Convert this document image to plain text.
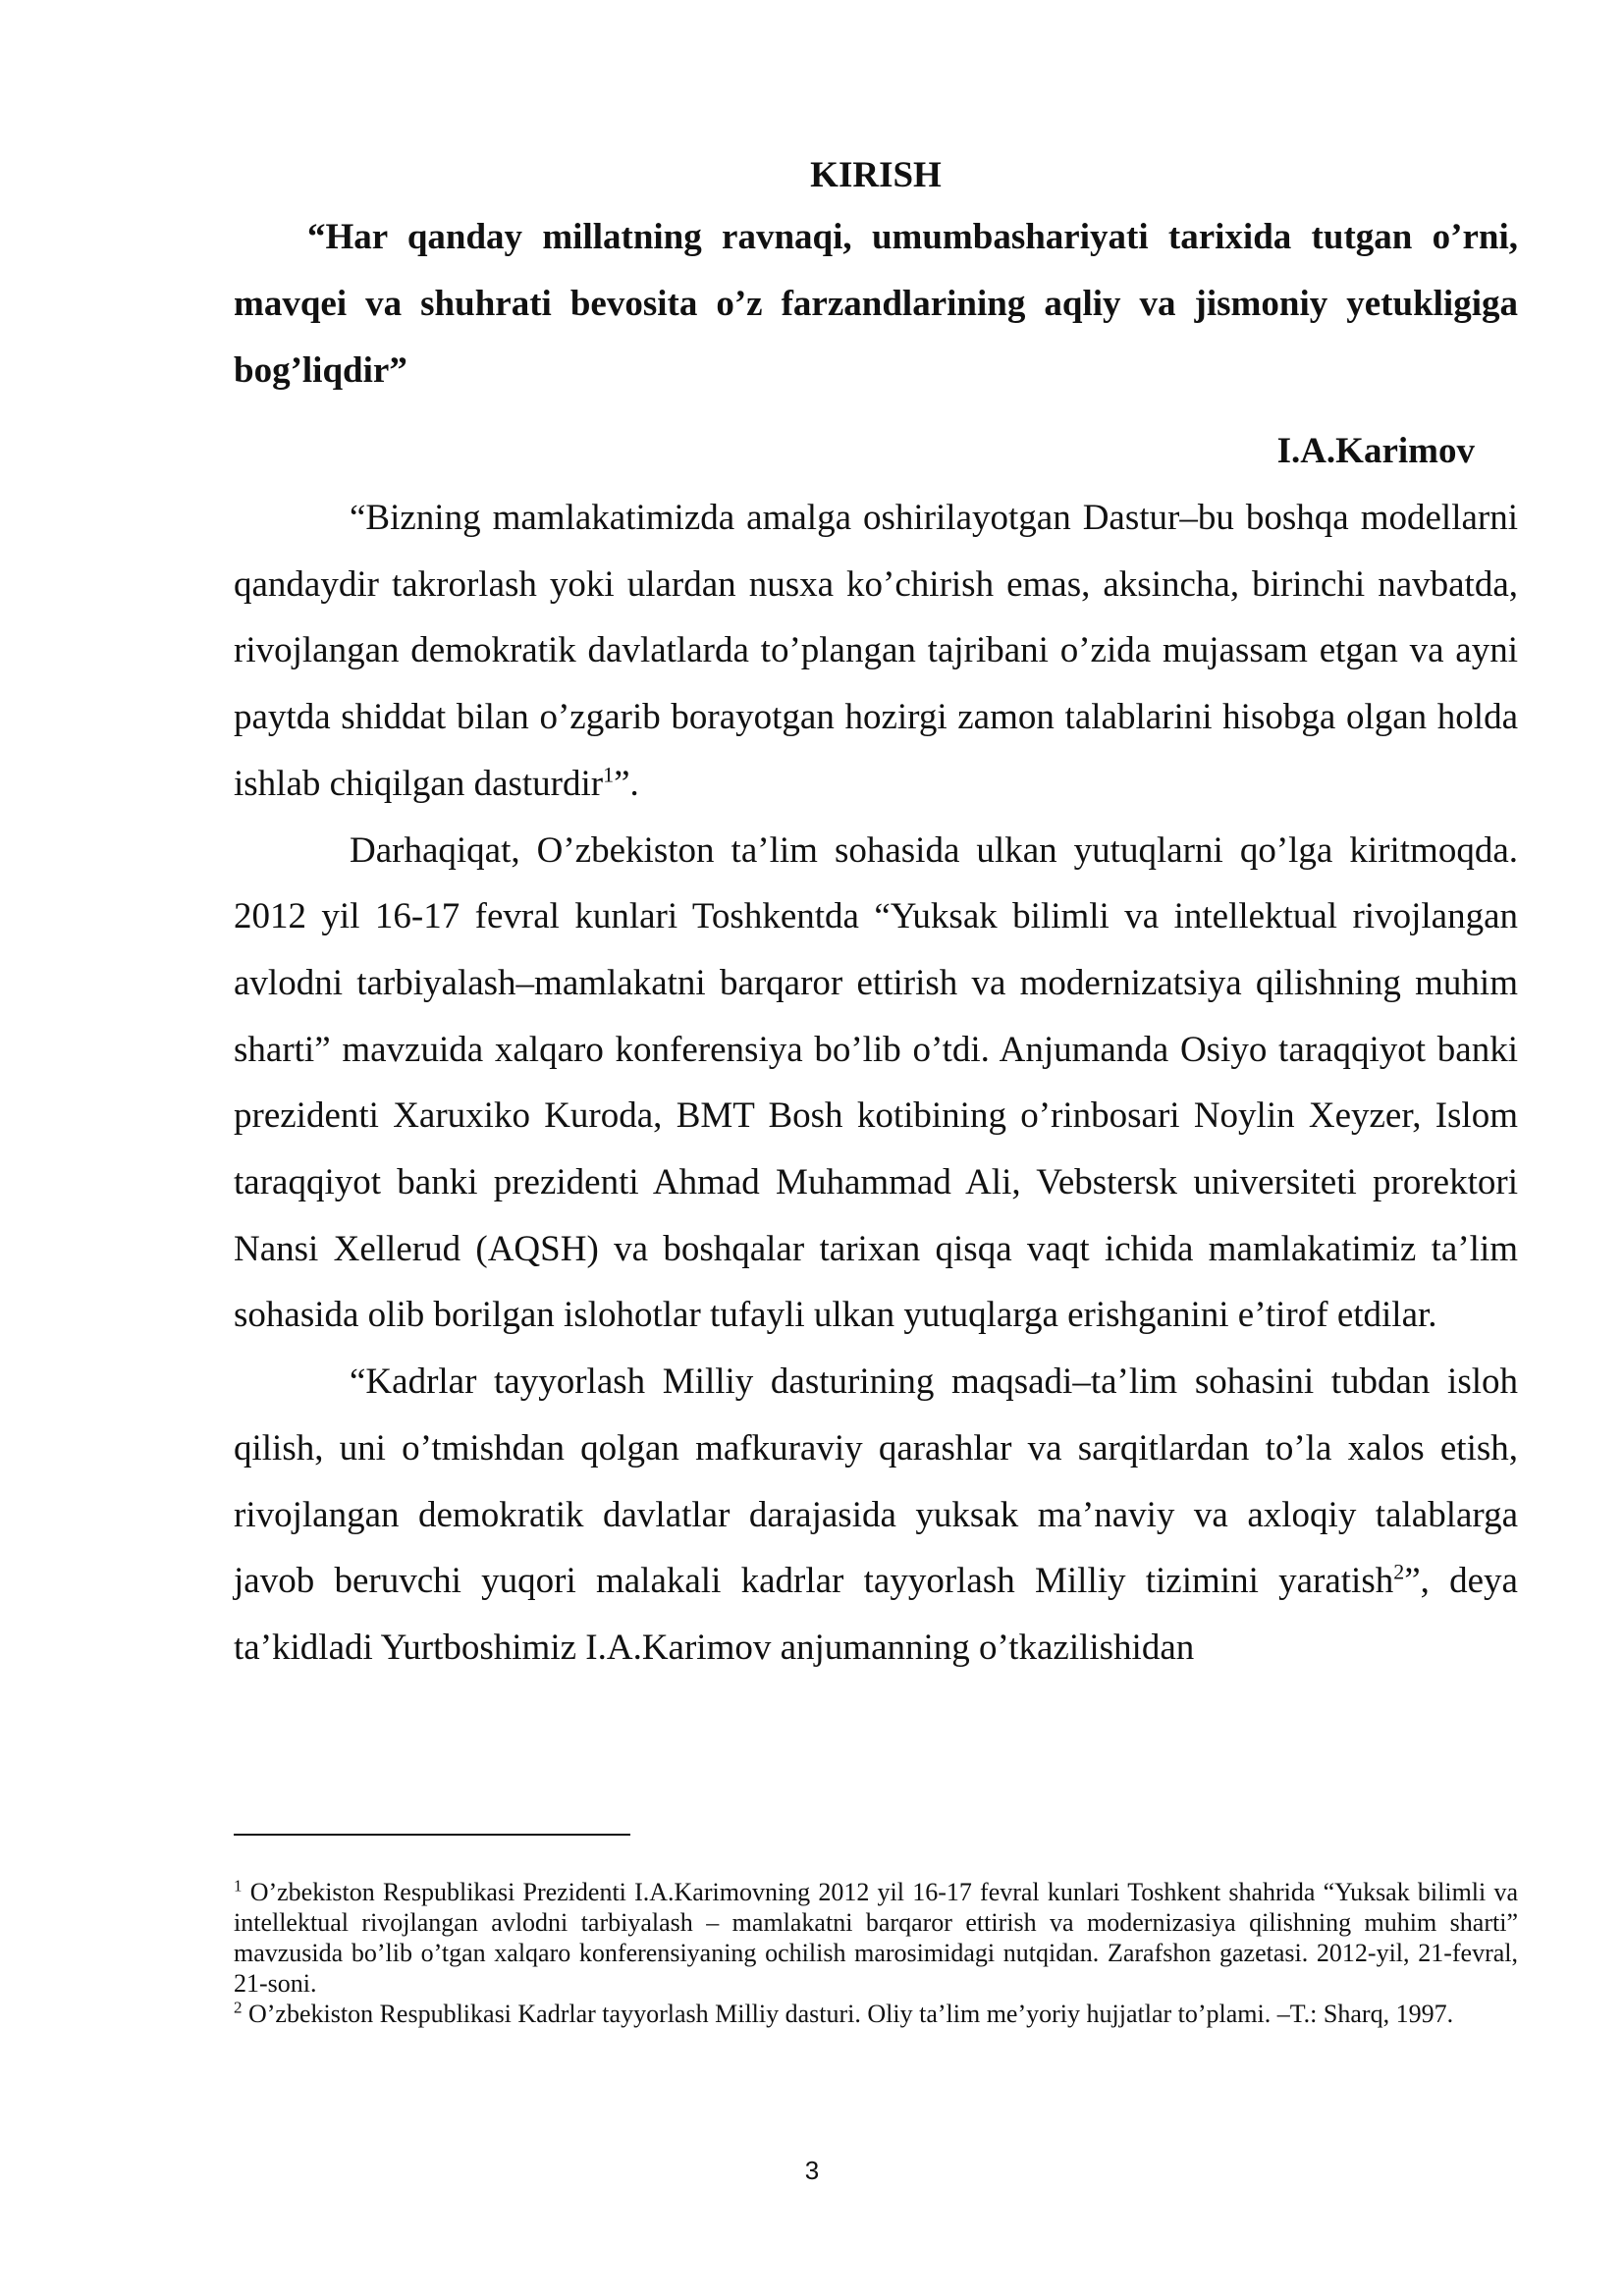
KIRISH

“Har qanday millatning ravnaqi, umumbashariyati tarixida tutgan o’rni, mavqei va shuhrati bevosita o’z farzandlarining aqliy va jismoniy yetukligiga bog’liqdir”

I.A.Karimov

“Bizning mamlakatimizda amalga oshirilayotgan Dastur–bu boshqa modellarni qandaydir takrorlash yoki ulardan nusxa ko’chirish emas, aksincha, birinchi navbatda, rivojlangan demokratik davlatlarda to’plangan tajribani o’zida mujassam etgan va ayni paytda shiddat bilan o’zgarib borayotgan hozirgi zamon talablarini hisobga olgan holda ishlab chiqilgan dasturdir$^1$”.

Darhaqiqat, O’zbekiston ta’lim sohasida ulkan yutuqlarni qo’lga kiritmoqda. 2012 yil 16-17 fevral kunlari Toshkentda “Yuksak bilimli va intellektual rivojlangan avlodni tarbiyalash–mamlakatni barqaror ettirish va modernizatsiya qilishning muhim sharti” mavzuida xalqaro konferensiya bo’lib o’tdi. Anjumanda Osiyo taraqqiyot banki prezidenti Xaruxiko Kuroda, BMT Bosh kotibining o’rinbosari Noylin Xeyzer, Islom taraqqiyot banki prezidenti Ahmad Muhammad Ali, Vebstersk universiteti prorektori Nansi Xellerud (AQSH) va boshqalar tarixan qisqa vaqt ichida mamlakatimiz ta’lim sohasida olib borilgan islohotlar tufayli ulkan yutuqlarga erishganini e’tirof etdilar.

“Kadrlar tayyorlash Milliy dasturining maqsadi–ta’lim sohasini tubdan isloh qilish, uni o’tmishdan qolgan mafkuraviy qarashlar va sarqitlardan to’la xalos etish, rivojlangan demokratik davlatlar darajasida yuksak ma’naviy va axloqiy talablarga javob beruvchi yuqori malakali kadrlar tayyorlash Milliy tizimini yaratish$^2$”, deya ta’kidladi Yurtboshimiz I.A.Karimov anjumanning o’tkazilishidan

$^1$ O’zbekiston Respublikasi Prezidenti I.A.Karimovning 2012 yil 16-17 fevral kunlari Toshkent shahrida “Yuksak bilimli va intellektual rivojlangan avlodni tarbiyalash – mamlakatni barqaror ettirish va modernizasiya qilishning muhim sharti” mavzusida bo’lib o’tgan xalqaro konferensiyaning ochilish marosimidagi nutqidan. Zarafshon gazetasi. 2012-yil, 21-fevral, 21-soni.

$^2$ O’zbekiston Respublikasi Kadrlar tayyorlash Milliy dasturi. Oliy ta’lim me’yoriy hujjatlar to’plami. –T.: Sharq, 1997.

3
